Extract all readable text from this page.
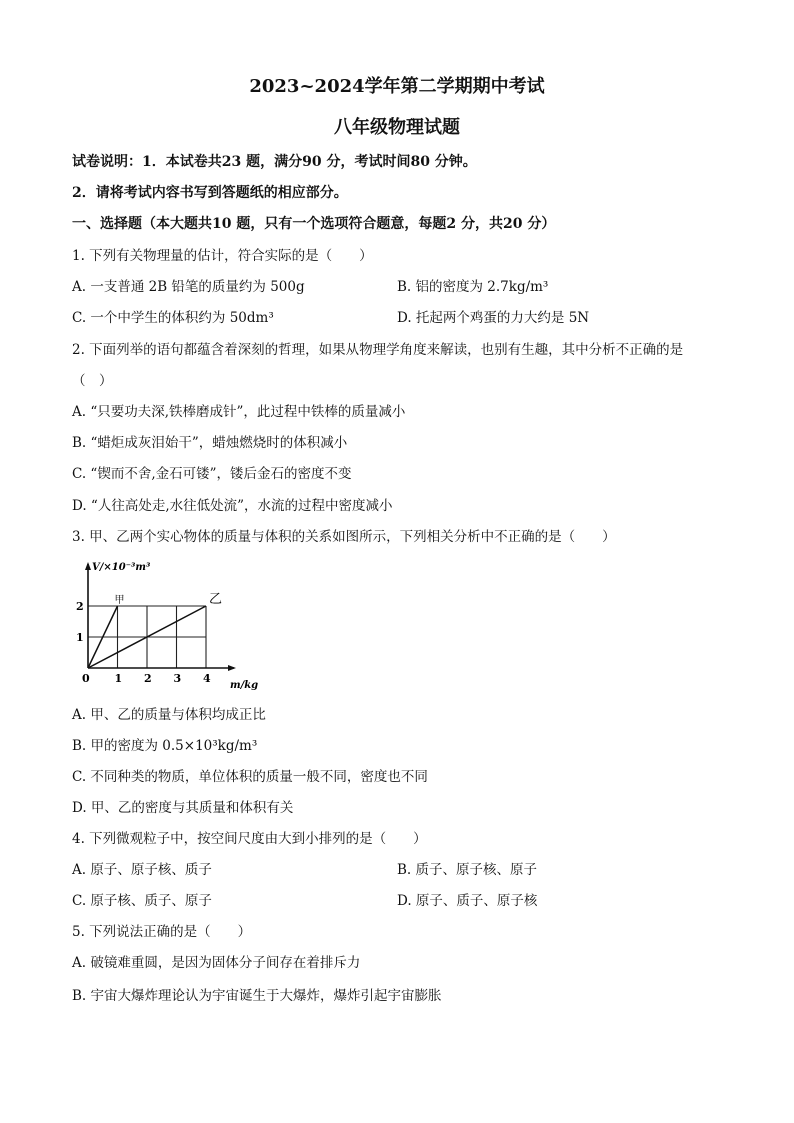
2023~2024学年第二学期期中考试
八年级物理试题
试卷说明：1．本试卷共23 题，满分90 分，考试时间80 分钟。
2．请将考试内容书写到答题纸的相应部分。
一、选择题（本大题共10 题，只有一个选项符合题意，每题2 分，共20 分）
1. 下列有关物理量的估计，符合实际的是（　　）
A. 一支普通 2B 铅笔的质量约为 500g	B. 铝的密度为 2.7kg/m³
C. 一个中学生的体积约为 50dm³	D. 托起两个鸡蛋的力大约是 5N
2. 下面列举的语句都蕴含着深刻的哲理，如果从物理学角度来解读，也别有生趣，其中分析不正确的是
（　）
A. “只要功夫深,铁棒磨成针”，此过程中铁棒的质量减小
B. “蜡炬成灰泪始干”，蜡烛燃烧时的体积减小
C. “锲而不舍,金石可镂”，镂后金石的密度不变
D. “人往高处走,水往低处流”，水流的过程中密度减小
3. 甲、乙两个实心物体的质量与体积的关系如图所示，下列相关分析中不正确的是（　　）
甲	乙
0 1 2 3 4
1
2
V/×10⁻³m³
m/kg
A. 甲、乙的质量与体积均成正比
B. 甲的密度为 0.5×10³kg/m³
C. 不同种类的物质，单位体积的质量一般不同，密度也不同
D. 甲、乙的密度与其质量和体积有关
4. 下列微观粒子中，按空间尺度由大到小排列的是（　　）
A. 原子、原子核、质子	B. 质子、原子核、原子
C. 原子核、质子、原子	D. 原子、质子、原子核
5. 下列说法正确的是（　　）
A. 破镜难重圆，是因为固体分子间存在着排斥力
B. 宇宙大爆炸理论认为宇宙诞生于大爆炸，爆炸引起宇宙膨胀
